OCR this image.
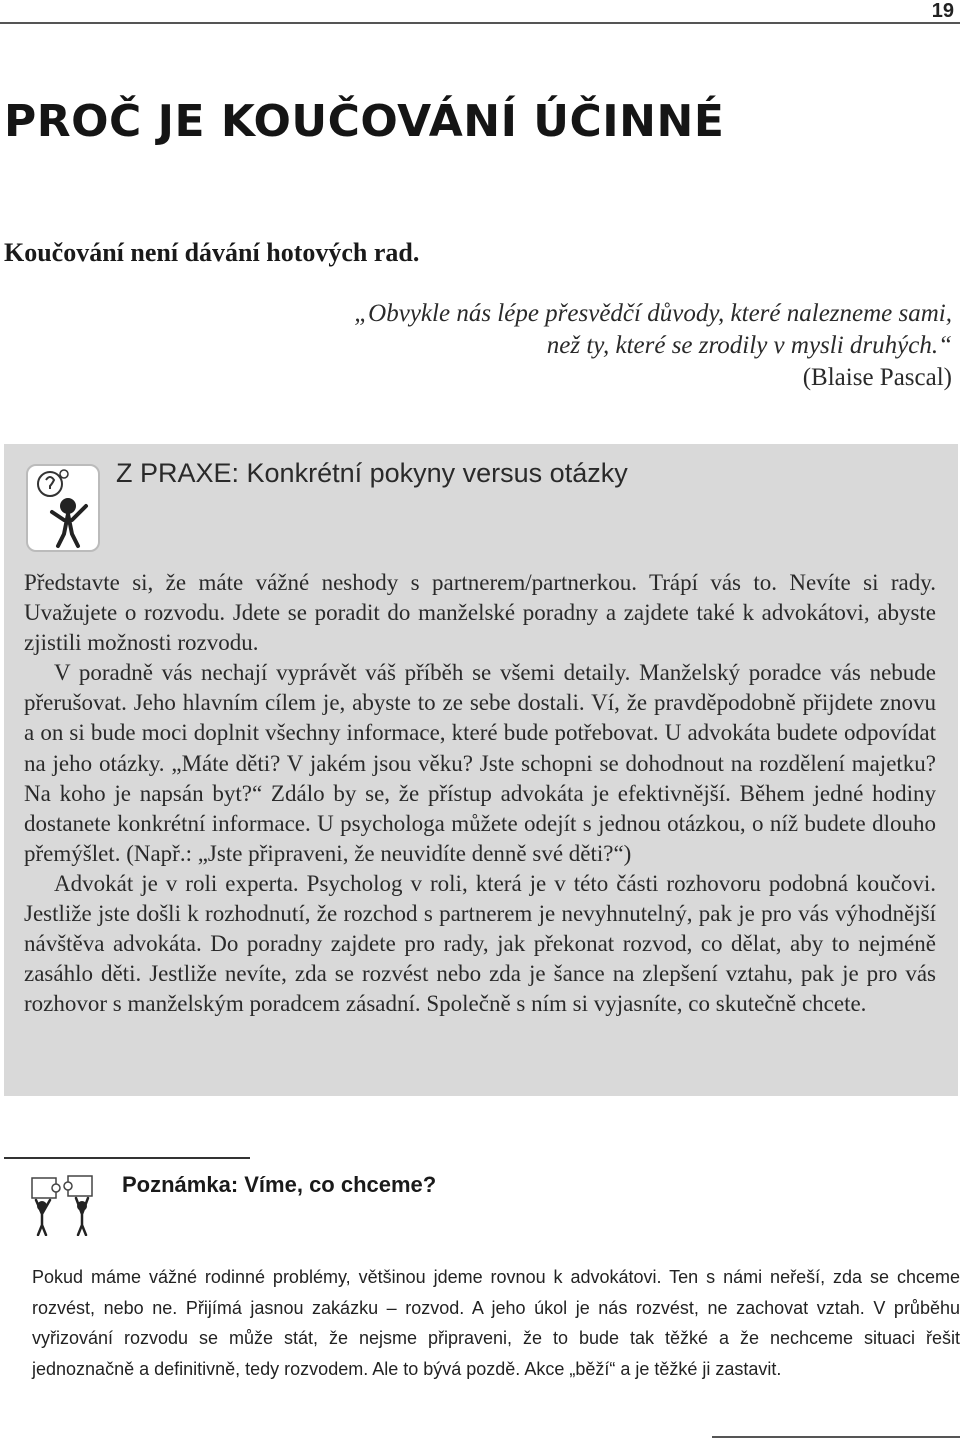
19
PROČ JE KOUČOVÁNÍ ÚČINNÉ

Koučování není dávání hotových rad.

„Obvykle nás lépe přesvědčí důvody, které nalezneme sami,
než ty, které se zrodily v mysli druhých.“
(Blaise Pascal)
Z PRAXE: Konkrétní pokyny versus otázky

Představte si, že máte vážné neshody s partnerem/partnerkou. Trápí vás to. Nevíte si rady. Uvažujete o rozvodu. Jdete se poradit do manželské poradny a zajdete také k advokátovi, abyste zjistili možnosti rozvodu.

V poradně vás nechají vyprávět váš příběh se všemi detaily. Manželský poradce vás nebude přerušovat. Jeho hlavním cílem je, abyste to ze sebe dostali. Ví, že pravděpodobně přijdete znovu a on si bude moci doplnit všechny informace, které bude potřebovat. U advokáta budete odpovídat na jeho otázky. „Máte děti? V jakém jsou věku? Jste schopni se dohodnout na rozdělení majetku? Na koho je napsán byt?“ Zdálo by se, že přístup advokáta je efektivnější. Během jedné hodiny dostanete konkrétní informace. U psychologa můžete odejít s jednou otázkou, o níž budete dlouho přemýšlet. (Např.: „Jste připraveni, že neuvidíte denně své děti?“)

Advokát je v roli experta. Psycholog v roli, která je v této části rozhovoru podobná koučovi. Jestliže jste došli k rozhodnutí, že rozchod s partnerem je nevyhnutelný, pak je pro vás výhodnější návštěva advokáta. Do poradny zajdete pro rady, jak překonat rozvod, co dělat, aby to nejméně zasáhlo děti. Jestliže nevíte, zda se rozvést nebo zda je šance na zlepšení vztahu, pak je pro vás rozhovor s manželským poradcem zásadní. Společně s ním si vyjasníte, co skutečně chcete.

Poznámka: Víme, co chceme?

Pokud máme vážné rodinné problémy, většinou jdeme rovnou k advokátovi. Ten s námi neřeší, zda se chceme rozvést, nebo ne. Přijímá jasnou zakázku – rozvod. A jeho úkol je nás rozvést, ne zachovat vztah. V průběhu vyřizování rozvodu se může stát, že nejsme připraveni, že to bude tak těžké a že nechceme situaci řešit jednoznačně a definitivně, tedy rozvodem. Ale to bývá pozdě. Akce „běží“ a je těžké ji zastavit.
